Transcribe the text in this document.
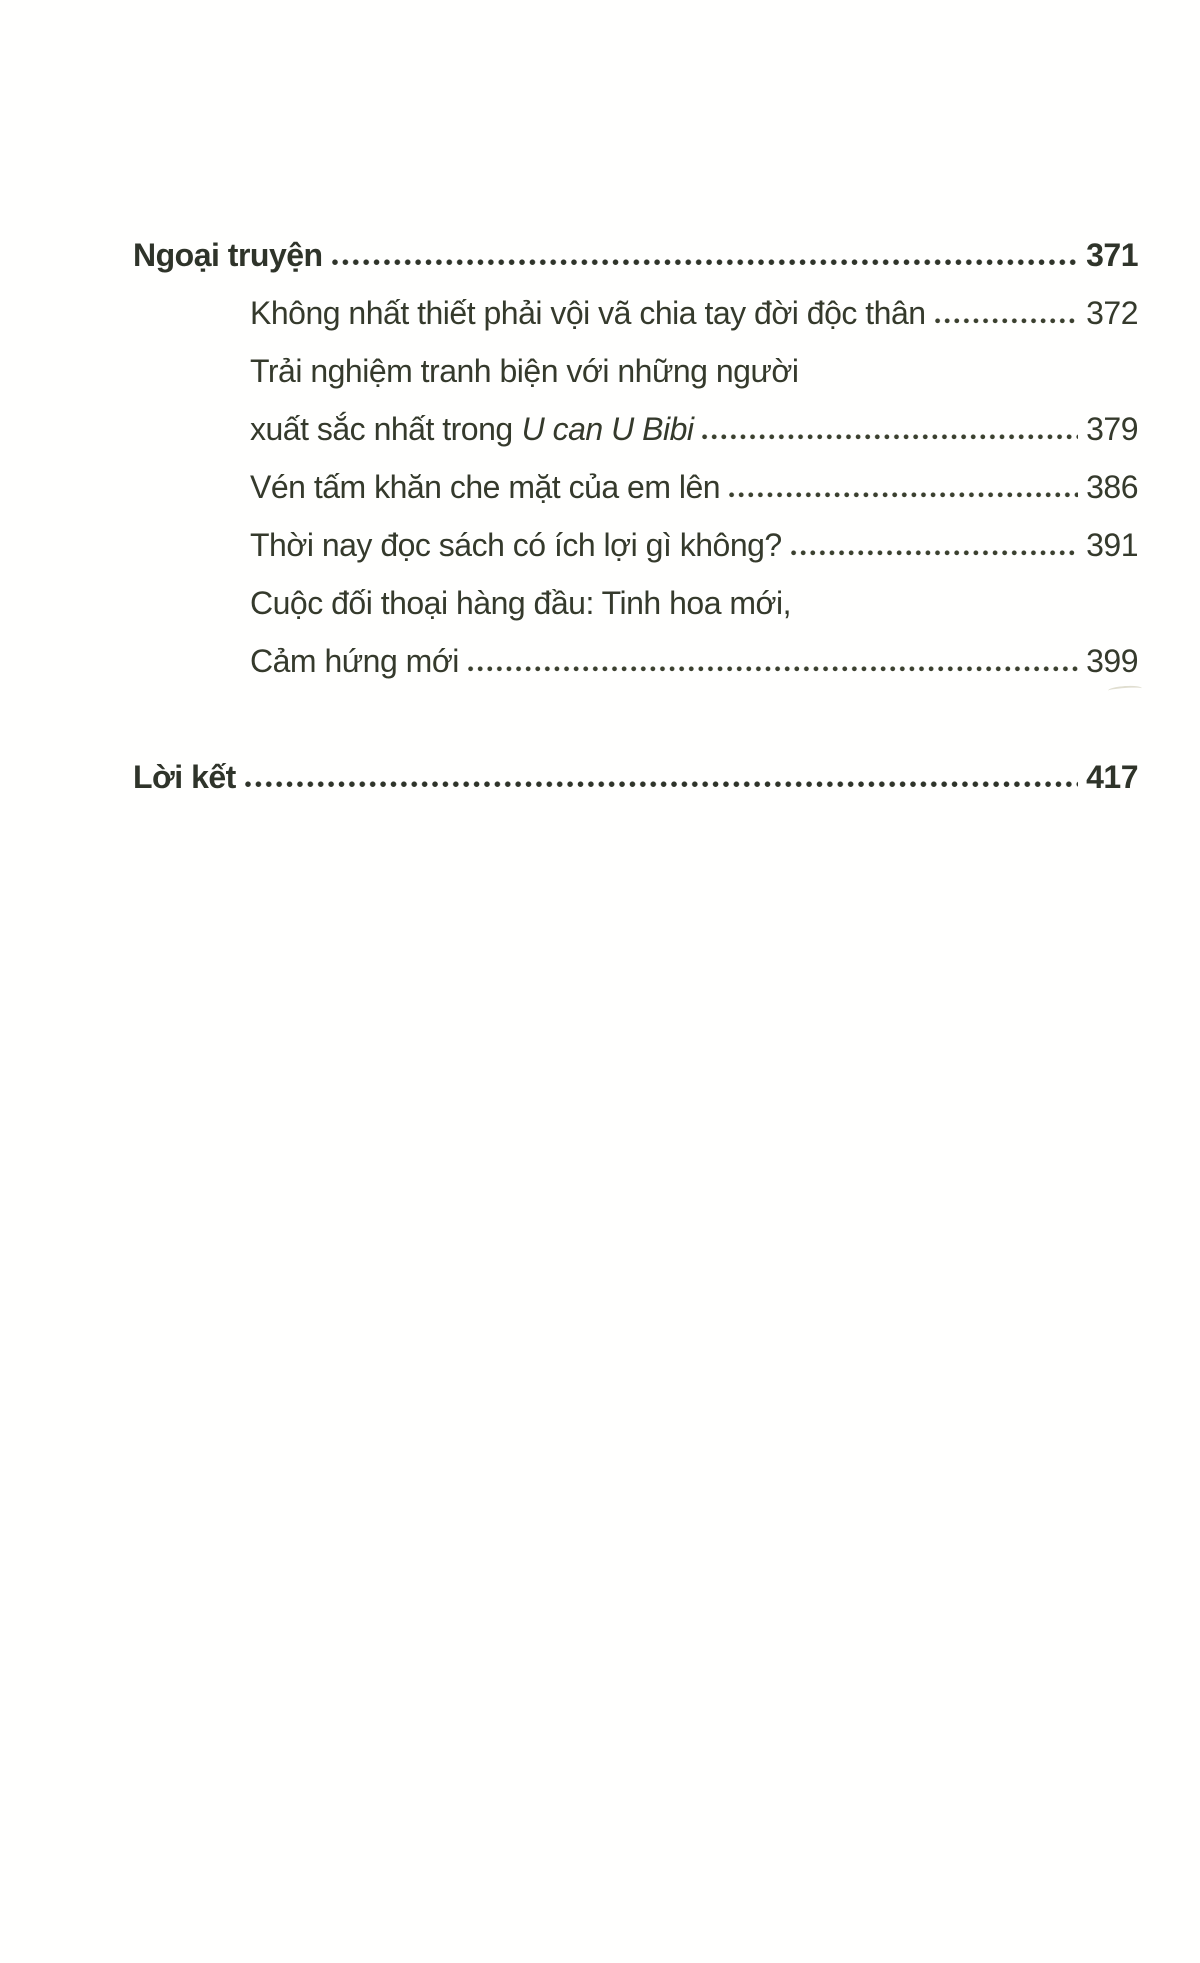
Ngoại truyện	371
Không nhất thiết phải vội vã chia tay đời độc thân	372
Trải nghiệm tranh biện với những người
xuất sắc nhất trong U can U Bibi	379
Vén tấm khăn che mặt của em lên	386
Thời nay đọc sách có ích lợi gì không?	391
Cuộc đối thoại hàng đầu: Tinh hoa mới,
Cảm hứng mới	399
Lời kết	417
